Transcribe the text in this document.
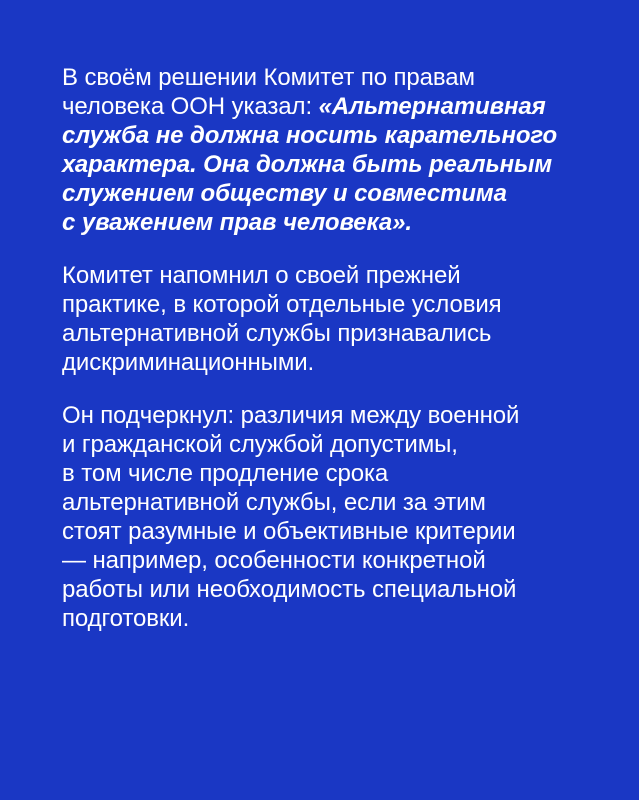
В своём решении Комитет по правам
человека ООН указал: «Альтернативная
служба не должна носить карательного
характера. Она должна быть реальным
служением обществу и совместима
с уважением прав человека».

Комитет напомнил о своей прежней
практике, в которой отдельные условия
альтернативной службы признавались
дискриминационными.

Он подчеркнул: различия между военной
и гражданской службой допустимы,
в том числе продление срока
альтернативной службы, если за этим
стоят разумные и объективные критерии
— например, особенности конкретной
работы или необходимость специальной
подготовки.
